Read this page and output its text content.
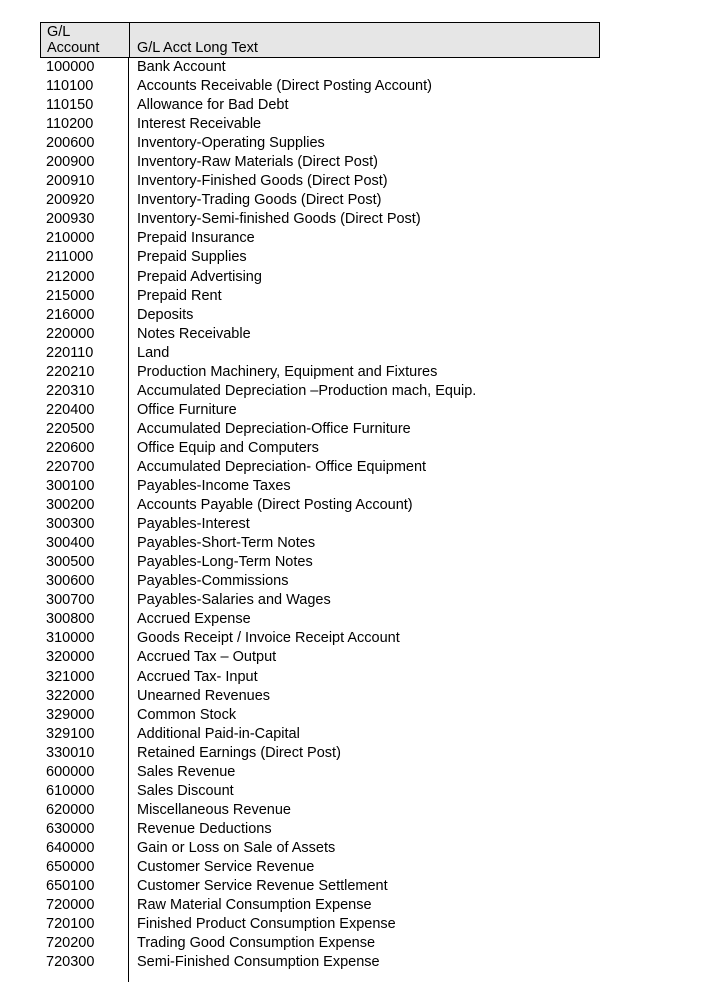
G/L
Account	G/L Acct Long Text
100000	Bank Account
110100	Accounts Receivable (Direct Posting Account)
110150	Allowance for Bad Debt
110200	Interest Receivable
200600	Inventory-Operating Supplies
200900	Inventory-Raw Materials (Direct Post)
200910	Inventory-Finished Goods (Direct Post)
200920	Inventory-Trading Goods (Direct Post)
200930	Inventory-Semi-finished Goods (Direct Post)
210000	Prepaid Insurance
211000	Prepaid Supplies
212000	Prepaid Advertising
215000	Prepaid Rent
216000	Deposits
220000	Notes Receivable
220110	Land
220210	Production Machinery, Equipment and Fixtures
220310	Accumulated Depreciation –Production mach, Equip.
220400	Office Furniture
220500	Accumulated Depreciation-Office Furniture
220600	Office Equip and Computers
220700	Accumulated Depreciation- Office Equipment
300100	Payables-Income Taxes
300200	Accounts Payable (Direct Posting Account)
300300	Payables-Interest
300400	Payables-Short-Term Notes
300500	Payables-Long-Term Notes
300600	Payables-Commissions
300700	Payables-Salaries and Wages
300800	Accrued Expense
310000	Goods Receipt / Invoice Receipt Account
320000	Accrued Tax – Output
321000	Accrued Tax- Input
322000	Unearned Revenues
329000	Common Stock
329100	Additional Paid-in-Capital
330010	Retained Earnings (Direct Post)
600000	Sales Revenue
610000	Sales Discount
620000	Miscellaneous Revenue
630000	Revenue Deductions
640000	Gain or Loss on Sale of Assets
650000	Customer Service Revenue
650100	Customer Service Revenue Settlement
720000	Raw Material Consumption Expense
720100	Finished Product Consumption Expense
720200	Trading Good Consumption Expense
720300	Semi-Finished Consumption Expense
